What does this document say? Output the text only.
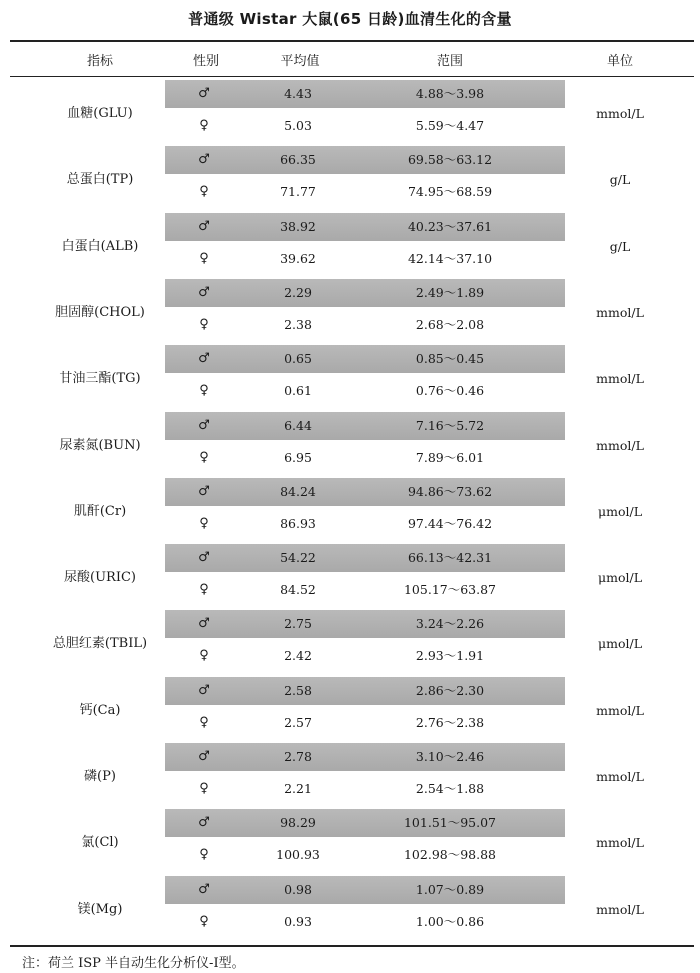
普通级 Wistar 大鼠(65 日龄)血清生化的含量
指标	性别	平均值	范围	单位
血糖(GLU)	mmol/L
♂	4.43	4.88～3.98
♀	5.03	5.59～4.47
总蛋白(TP)	g/L
♂	66.35	69.58～63.12
♀	71.77	74.95～68.59
白蛋白(ALB)	g/L
♂	38.92	40.23～37.61
♀	39.62	42.14～37.10
胆固醇(CHOL)	mmol/L
♂	2.29	2.49～1.89
♀	2.38	2.68～2.08
甘油三酯(TG)	mmol/L
♂	0.65	0.85～0.45
♀	0.61	0.76～0.46
尿素氮(BUN)	mmol/L
♂	6.44	7.16～5.72
♀	6.95	7.89～6.01
肌酐(Cr)	μmol/L
♂	84.24	94.86～73.62
♀	86.93	97.44～76.42
尿酸(URIC)	μmol/L
♂	54.22	66.13～42.31
♀	84.52	105.17～63.87
总胆红素(TBIL)	μmol/L
♂	2.75	3.24～2.26
♀	2.42	2.93～1.91
钙(Ca)	mmol/L
♂	2.58	2.86～2.30
♀	2.57	2.76～2.38
磷(P)	mmol/L
♂	2.78	3.10～2.46
♀	2.21	2.54～1.88
氯(Cl)	mmol/L
♂	98.29	101.51～95.07
♀	100.93	102.98～98.88
镁(Mg)	mmol/L
♂	0.98	1.07～0.89
♀	0.93	1.00～0.86
注：荷兰 ISP 半自动生化分析仪-Ⅰ型。
